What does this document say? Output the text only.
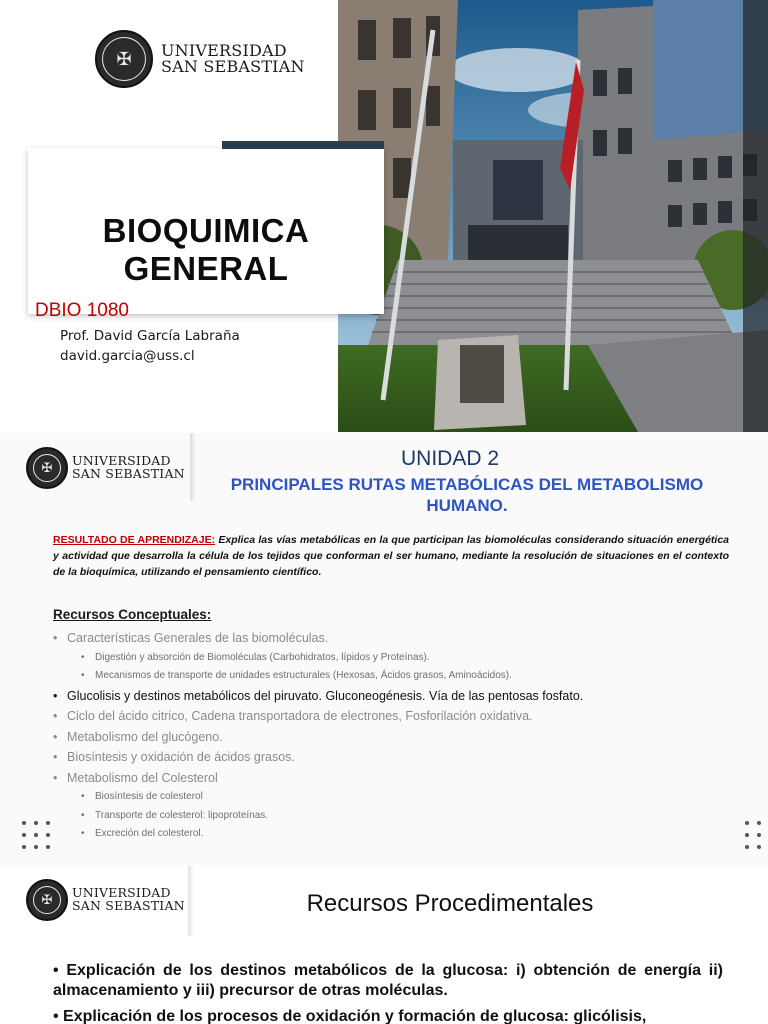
✠	UNIVERSIDAD
SAN SEBASTIAN
BIOQUIMICA
GENERAL
DBIO 1080
Prof. David García Labraña
david.garcia@uss.cl
✠	UNIVERSIDAD
SAN SEBASTIAN
UNIDAD 2
PRINCIPALES RUTAS METABÓLICAS DEL METABOLISMO
HUMANO.

RESULTADO DE APRENDIZAJE: Explica las vías metabólicas en la que participan las biomoléculas considerando situación energética y actividad que desarrolla la célula de los tejidos que conforman el ser humano, mediante la resolución de situaciones en el contexto de la bioquímica, utilizando el pensamiento científico.

Recursos Conceptuales:
• Características Generales de las biomoléculas.
• Digestión y absorción de Biomoléculas (Carbohidratos, lípidos y Proteínas).
• Mecanismos de transporte de unidades estructurales (Hexosas, Ácidos grasos, Aminoácidos).
• Glucolisis y destinos metabólicos del piruvato. Gluconeogénesis. Vía de las pentosas fosfato.
• Ciclo del ácido citrico, Cadena transportadora de electrones, Fosforilación oxidativa.
• Metabolismo del glucógeno.
• Biosíntesis y oxidación de ácidos grasos.
• Metabolismo del Colesterol
• Biosíntesis de colesterol
• Transporte de colesterol: lipoproteínas.
• Excreción del colesterol.
✠	UNIVERSIDAD
SAN SEBASTIAN	Recursos Procedimentales

• Explicación de los destinos metabólicos de la glucosa: i) obtención de energía ii) almacenamiento y iii) precursor de otras moléculas.

• Explicación de los procesos de oxidación y formación de glucosa: glicólisis,
